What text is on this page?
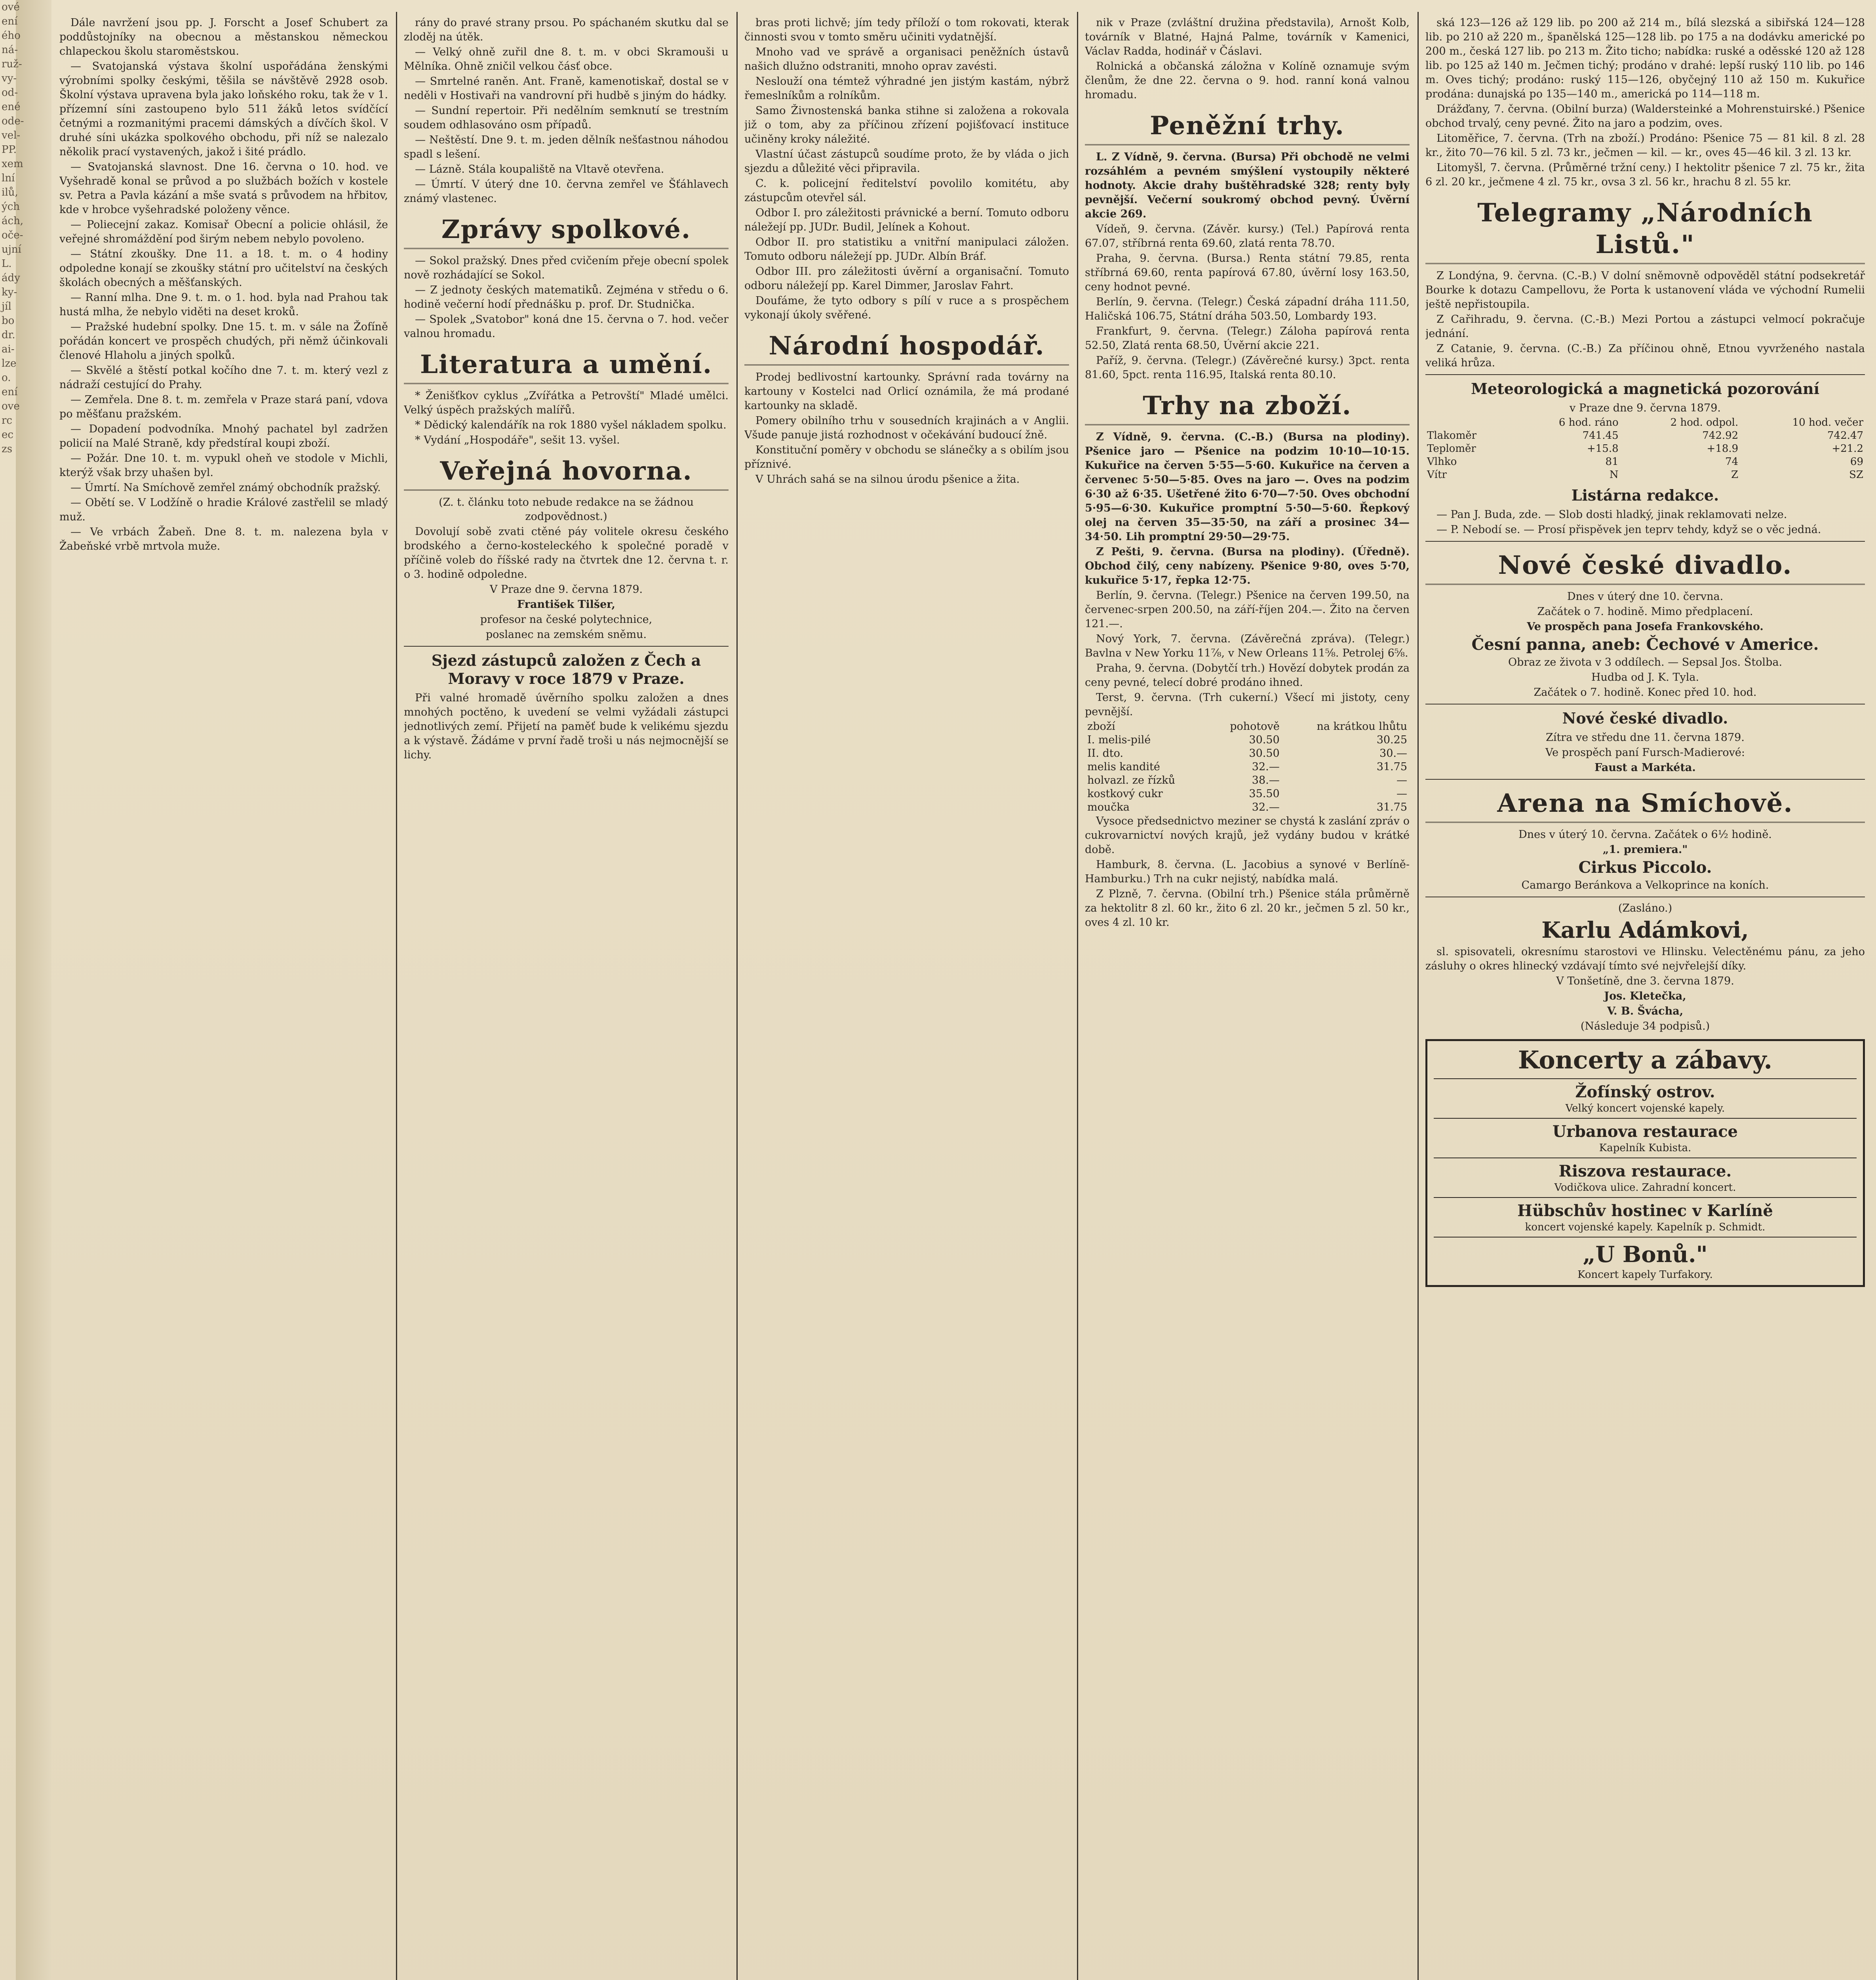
ové
ení
ého
ná-
ruž-
vy-
od-
ené
ode-
vel-
PP.
xem
lní
ilů,
ých
ách,
oče-
ujní
L.
ády
ky-
jíl
bo
dr.
ai-
lze
o.
ení
ove
rc
ec
zs

Dále navržení jsou pp. J. Forscht a Josef Schubert za poddůstojníky na obecnou a městanskou německou chlapeckou školu staroměstskou.

— Svatojanská výstava školní uspořádána ženskými výrobními spolky českými, těšila se návštěvě 2928 osob. Školní výstava upravena byla jako loňského roku, tak že v 1. přízemní síni zastoupeno bylo 511 žáků letos svídčící četnými a rozmanitými pracemi dámských a dívčích škol. V druhé síni ukázka spolkového obchodu, při níž se nalezalo několik prací vystavených, jakož i šité prádlo.

— Svatojanská slavnost. Dne 16. června o 10. hod. ve Vyšehradě konal se průvod a po službách božích v kostele sv. Petra a Pavla kázání a mše svatá s průvodem na hřbitov, kde v hrobce vyšehradské položeny věnce.

— Poliecejní zakaz. Komisař Obecní a policie ohlásil, že veřejné shromáždění pod širým nebem nebylo povoleno.

— Státní zkoušky. Dne 11. a 18. t. m. o 4 hodiny odpoledne konají se zkoušky státní pro učitelství na českých školách obecných a měšťanských.

— Ranní mlha. Dne 9. t. m. o 1. hod. byla nad Prahou tak hustá mlha, že nebylo viděti na deset kroků.

— Pražské hudební spolky. Dne 15. t. m. v sále na Žofíně pořádán koncert ve prospěch chudých, při němž účinkovali členové Hlaholu a jiných spolků.

— Skvělé a štěstí potkal kočího dne 7. t. m. který vezl z nádraží cestující do Prahy.

— Zemřela. Dne 8. t. m. zemřela v Praze stará paní, vdova po měšťanu pražském.

— Dopadení podvodníka. Mnohý pachatel byl zadržen policií na Malé Straně, kdy předstíral koupi zboží.

— Požár. Dne 10. t. m. vypukl oheň ve stodole v Michli, kterýž však brzy uhašen byl.

— Úmrtí. Na Smíchově zemřel známý obchodník pražský.

— Obětí se. V Lodžíně o hradie Králové zastřelil se mladý muž.

— Ve vrbách Žabeň. Dne 8. t. m. nalezena byla v Žabeňské vrbě mrtvola muže.

rány do pravé strany prsou. Po spáchaném skutku dal se zloděj na útěk.

— Velký ohně zuřil dne 8. t. m. v obci Skramouši u Mělníka. Ohně zničil velkou čásť obce.

— Smrtelné raněn. Ant. Franě, kamenotiskař, dostal se v neděli v Hostivaři na vandrovní při hudbě s jiným do hádky.

— Sundní repertoir. Při nedělním semknutí se trestním soudem odhlasováno osm případů.

— Neštěstí. Dne 9. t. m. jeden dělník nešťastnou náhodou spadl s lešení.

— Lázně. Stála koupaliště na Vltavě otevřena.

— Úmrtí. V úterý dne 10. června zemřel ve Šťáhlavech známý vlastenec.

Zprávy spolkové.

— Sokol pražský. Dnes před cvičením přeje obecní spolek nově rozhádající se Sokol.

— Z jednoty českých matematiků. Zejména v středu o 6. hodině večerní hodí přednášku p. prof. Dr. Studnička.

— Spolek „Svatobor" koná dne 15. června o 7. hod. večer valnou hromadu.

Literatura a umění.

* Ženišťkov cyklus „Zvířátka a Petrovští" Mladé umělci. Velký úspěch pražských malířů.

* Dědický kalendářík na rok 1880 vyšel nákladem spolku.

* Vydání „Hospodáře", sešit 13. vyšel.

Veřejná hovorna.

(Z. t. článku toto nebude redakce na se žádnou zodpovědnost.)

Dovolují sobě zvati ctěné páy volitele okresu českého brodského a černo-kosteleckého k společné poradě v příčině voleb do říšské rady na čtvrtek dne 12. června t. r. o 3. hodině odpoledne.

V Praze dne 9. června 1879.

František Tilšer,

profesor na české polytechnice,

poslanec na zemském sněmu.

Sjezd zástupců založen z Čech a Moravy v roce 1879 v Praze.

Při valné hromadě úvěrního spolku založen a dnes mnohých poctěno, k uvedení se velmi vyžádali zástupci jednotlivých zemí. Přijetí na paměť bude k velikému sjezdu a k výstavě. Žádáme v první řadě troši u nás nejmocnější se lichy.

bras proti lichvě; jím tedy příloží o tom rokovati, kterak činnosti svou v tomto směru učiniti vydatnější.

Mnoho vad ve správě a organisaci peněžních ústavů našich dlužno odstraniti, mnoho oprav zavésti.

Neslouží ona témtež výhradné jen jistým kastám, nýbrž řemeslníkům a rolníkům.

Samo Živnostenská banka stihne si založena a rokovala již o tom, aby za příčinou zřízení pojišťovací instituce učiněny kroky náležité.

Vlastní účast zástupců soudíme proto, že by vláda o jich sjezdu a důležité věci připravila.

C. k. policejní ředitelství povolilo komitétu, aby zástupcům otevřel sál.

Odbor I. pro záležitosti právnické a berní. Tomuto odboru náležejí pp. JUDr. Budil, Jelínek a Kohout.

Odbor II. pro statistiku a vnitřní manipulaci záložen. Tomuto odboru náležejí pp. JUDr. Albín Bráf.

Odbor III. pro záležitosti úvěrní a organisační. Tomuto odboru náležejí pp. Karel Dimmer, Jaroslav Fahrt.

Doufáme, že tyto odbory s pílí v ruce a s prospěchem vykonají úkoly svěřené.

Národní hospodář.

Prodej bedlivostní kartounky. Správní rada továrny na kartouny v Kostelci nad Orlicí oznámila, že má prodané kartounky na skladě.

Pomery obilního trhu v sousedních krajinách a v Anglii. Všude panuje jistá rozhodnost v očekávání budoucí žně.

Konstituční poměry v obchodu se slánečky a s obilím jsou příznivé.

V Uhrách sahá se na silnou úrodu pšenice a žita.

nik v Praze (zvláštní družina představila), Arnošt Kolb, továrník v Blatné, Hajná Palme, továrník v Kamenici, Václav Radda, hodinář v Čáslavi.

Rolnická a občanská záložna v Kolíně oznamuje svým členům, že dne 22. června o 9. hod. ranní koná valnou hromadu.

Peněžní trhy.

L. Z Vídně, 9. června. (Bursa) Při obchodě ne velmi rozsáhlém a pevném smýšlení vystoupily některé hodnoty. Akcie drahy buštěhradské 328; renty byly pevnější. Večerní soukromý obchod pevný. Úvěrní akcie 269.

Vídeň, 9. června. (Závěr. kursy.) (Tel.) Papírová renta 67.07, stříbrná renta 69.60, zlatá renta 78.70.

Praha, 9. června. (Bursa.) Renta státní 79.85, renta stříbrná 69.60, renta papírová 67.80, úvěrní losy 163.50, ceny hodnot pevné.

Berlín, 9. června. (Telegr.) Česká západní dráha 111.50, Haličská 106.75, Státní dráha 503.50, Lombardy 193.

Frankfurt, 9. června. (Telegr.) Záloha papírová renta 52.50, Zlatá renta 68.50, Úvěrní akcie 221.

Paříž, 9. června. (Telegr.) (Závěrečné kursy.) 3pct. renta 81.60, 5pct. renta 116.95, Italská renta 80.10.

Trhy na zboží.

Z Vídně, 9. června. (C.-B.) (Bursa na plodiny). Pšenice jaro — Pšenice na podzim 10·10—10·15. Kukuřice na červen 5·55—5·60. Kukuřice na červen a červenec 5·50—5·85. Oves na jaro —. Oves na podzim 6·30 až 6·35. Ušetřené žito 6·70—7·50. Oves obchodní 5·95—6·30. Kukuřice promptní 5·50—5·60. Řepkový olej na červen 35—35·50, na září a prosinec 34—34·50. Lih promptní 29·50—29·75.

Z Pešti, 9. června. (Bursa na plodiny). (Úředně). Obchod čilý, ceny nabízeny. Pšenice 9·80, oves 5·70, kukuřice 5·17, řepka 12·75.

Berlín, 9. června. (Telegr.) Pšenice na červen 199.50, na červenec-srpen 200.50, na září-říjen 204.—. Žito na červen 121.—.

Nový York, 7. června. (Závěrečná zpráva). (Telegr.) Bavlna v New Yorku 11⅞, v New Orleans 11⅝. Petrolej 6⅝.

Praha, 9. června. (Dobytčí trh.) Hovězí dobytek prodán za ceny pevné, telecí dobré prodáno ihned.

Terst, 9. června. (Trh cukerní.) Všecí mi jistoty, ceny pevnější.

zboží	pohotově	na krátkou lhůtu
I. melis-pilé	30.50	30.25
II. dto.	30.50	30.—
melis kandité	32.—	31.75
holvazl. ze řízků	38.—	—
kostkový cukr	35.50	—
moučka	32.—	31.75

Vysoce předsednictvo meziner se chystá k zaslání zpráv o cukrovarnictví nových krajů, jež vydány budou v krátké době.

Hamburk, 8. června. (L. Jacobius a synové v Berlíně-Hamburku.) Trh na cukr nejistý, nabídka malá.

Z Plzně, 7. června. (Obilní trh.) Pšenice stála průměrně za hektolitr 8 zl. 60 kr., žito 6 zl. 20 kr., ječmen 5 zl. 50 kr., oves 4 zl. 10 kr.

ská 123—126 až 129 lib. po 200 až 214 m., bílá slezská a sibiřská 124—128 lib. po 210 až 220 m., španělská 125—128 lib. po 175 a na dodávku americké po 200 m., česká 127 lib. po 213 m. Žito ticho; nabídka: ruské a oděsské 120 až 128 lib. po 125 až 140 m. Ječmen tichý; prodáno v drahé: lepší ruský 110 lib. po 146 m. Oves tichý; prodáno: ruský 115—126, obyčejný 110 až 150 m. Kukuřice prodána: dunajská po 135—140 m., americká po 114—118 m.

Drážďany, 7. června. (Obilní burza) (Waldersteinké a Mohrenstuirské.) Pšenice obchod trvalý, ceny pevné. Žito na jaro a podzim, oves.

Litoměřice, 7. června. (Trh na zboží.) Prodáno: Pšenice 75 — 81 kil. 8 zl. 28 kr., žito 70—76 kil. 5 zl. 73 kr., ječmen — kil. — kr., oves 45—46 kil. 3 zl. 13 kr.

Litomyšl, 7. června. (Průměrné tržní ceny.) I hektolitr pšenice 7 zl. 75 kr., žita 6 zl. 20 kr., ječmene 4 zl. 75 kr., ovsa 3 zl. 56 kr., hrachu 8 zl. 55 kr.

Telegramy „Národních Listů."

Z Londýna, 9. června. (C.-B.) V dolní sněmovně odpověděl státní podsekretář Bourke k dotazu Campellovu, že Porta k ustanovení vláda ve východní Rumelii ještě nepřistoupila.

Z Cařihradu, 9. června. (C.-B.) Mezi Portou a zástupci velmocí pokračuje jednání.

Z Catanie, 9. června. (C.-B.) Za příčinou ohně, Etnou vyvrženého nastala veliká hrůza.

Meteorologická a magnetická pozorování

v Praze dne 9. června 1879.

	6 hod. ráno	2 hod. odpol.	10 hod. večer
Tlakoměr	741.45	742.92	742.47
Teploměr	+15.8	+18.9	+21.2
Vlhko	81	74	69
Vítr	N	Z	SZ
Listárna redakce.

— Pan J. Buda, zde. — Slob dosti hladký, jinak reklamovati nelze.

— P. Nebodí se. — Prosí přispěvek jen teprv tehdy, když se o věc jedná.

Nové české divadlo.

Dnes v úterý dne 10. června.

Začátek o 7. hodině. Mimo předplacení.

Ve prospěch pana Josefa Frankovského.

Česní panna, aneb: Čechové v Americe.

Obraz ze života v 3 oddílech. — Sepsal Jos. Štolba.

Hudba od J. K. Tyla.

Začátek o 7. hodině. Konec před 10. hod.

Nové české divadlo.

Zítra ve středu dne 11. června 1879.

Ve prospěch paní Fursch-Madierové:

Faust a Markéta.

Arena na Smíchově.

Dnes v úterý 10. června. Začátek o 6½ hodině.

„1. premiera."

Cirkus Piccolo.

Camargo Beránkova a Velkoprince na koních.

(Zasláno.)

Karlu Adámkovi,

sl. spisovateli, okresnímu starostovi ve Hlinsku. Velectěnému pánu, za jeho zásluhy o okres hlinecký vzdávají tímto své nejvřelejší díky.

V Tonšetíně, dne 3. června 1879.

Jos. Kletečka,

V. B. Švácha,

(Následuje 34 podpisů.)

Koncerty a zábavy.
Žofínský ostrov.
Velký koncert vojenské kapely.
Urbanova restaurace
Kapelník Kubista.
Riszova restaurace.
Vodičkova ulice. Zahradní koncert.
Hübschův hostinec v Karlíně
koncert vojenské kapely. Kapelník p. Schmidt.
„U Bonů."
Koncert kapely Turfakory.
